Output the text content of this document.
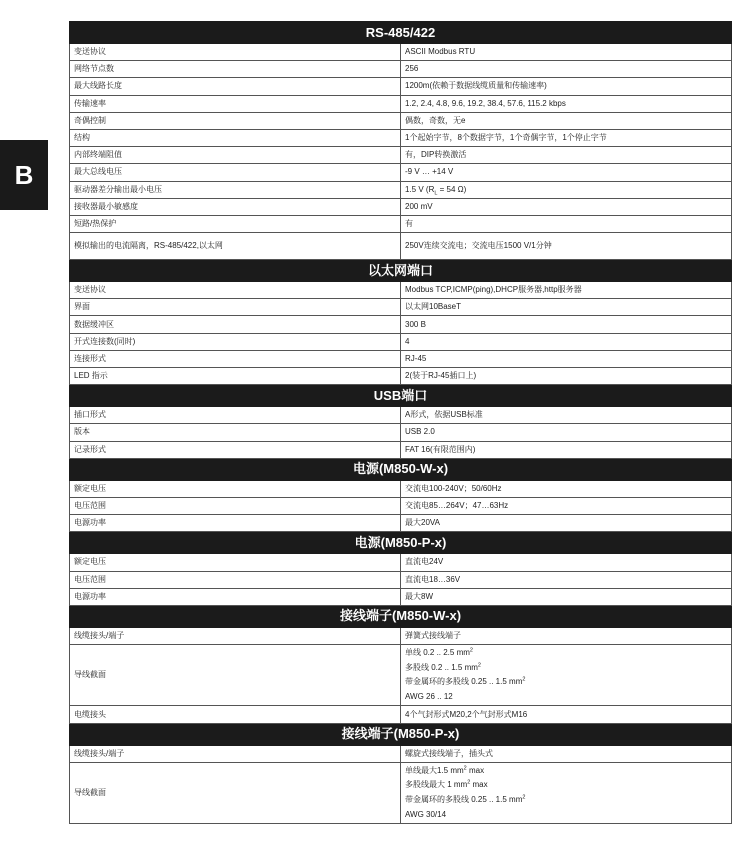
B
RS-485/422	
变送协议	ASCII Modbus RTU
网络节点数	256
最大线路长度	1200m(依赖于数据线缆质量和传输速率)
传输速率	1.2, 2.4, 4.8, 9.6, 19.2, 38.4, 57.6, 115.2 kbps
奇偶控制	偶数，奇数，无e
结构	1个起始字节，8个数据字节，1个奇偶字节，1个停止字节
内部终端阻值	有，DIP转换激活
最大总线电压	-9 V … +14 V
驱动器差分输出最小电压	1.5 V ($R_L = 54$ Ω)
接收器最小敏感度	200 mV
短路/热保护	有
模拟输出的电流隔离，RS-485/422,以太网	250V连续交流电；交流电压1500 V/1分钟
以太网端口	
变送协议	Modbus TCP,ICMP(ping),DHCP服务器,http服务器
界面	以太网10BaseT
数据缓冲区	300 B
开式连接数(同时)	4
连接形式	RJ-45
LED 指示	2(装于RJ-45插口上)
USB端口	
插口形式	A形式，依据USB标准
版本	USB 2.0
记录形式	FAT 16(有限范围内)
电源(M850-W-x)	
额定电压	交流电100-240V；50/60Hz
电压范围	交流电85…264V；47…63Hz
电源功率	最大20VA
电源(M850-P-x)	
额定电压	直流电24V
电压范围	直流电18…36V
电源功率	最大8W
接线端子(M850-W-x)	
线缆接头/端子	弹簧式接线端子
导线截面	单线 0.2 .. 2.5 $mm^2$
多股线 0.2 .. 1.5 $mm^2$
带金属环的多股线 0.25 .. 1.5 $mm^2$
AWG 26 .. 12

电缆接头	4个气封形式M20,2个气封形式M16
接线端子(M850-P-x)	
线缆接头/端子	螺旋式接线端子，插头式
导线截面	单线最大1.5 $mm^2$ max
多股线最大 1 $mm^2$ max
带金属环的多股线 0.25 .. 1.5 $mm^2$
AWG 30/14
